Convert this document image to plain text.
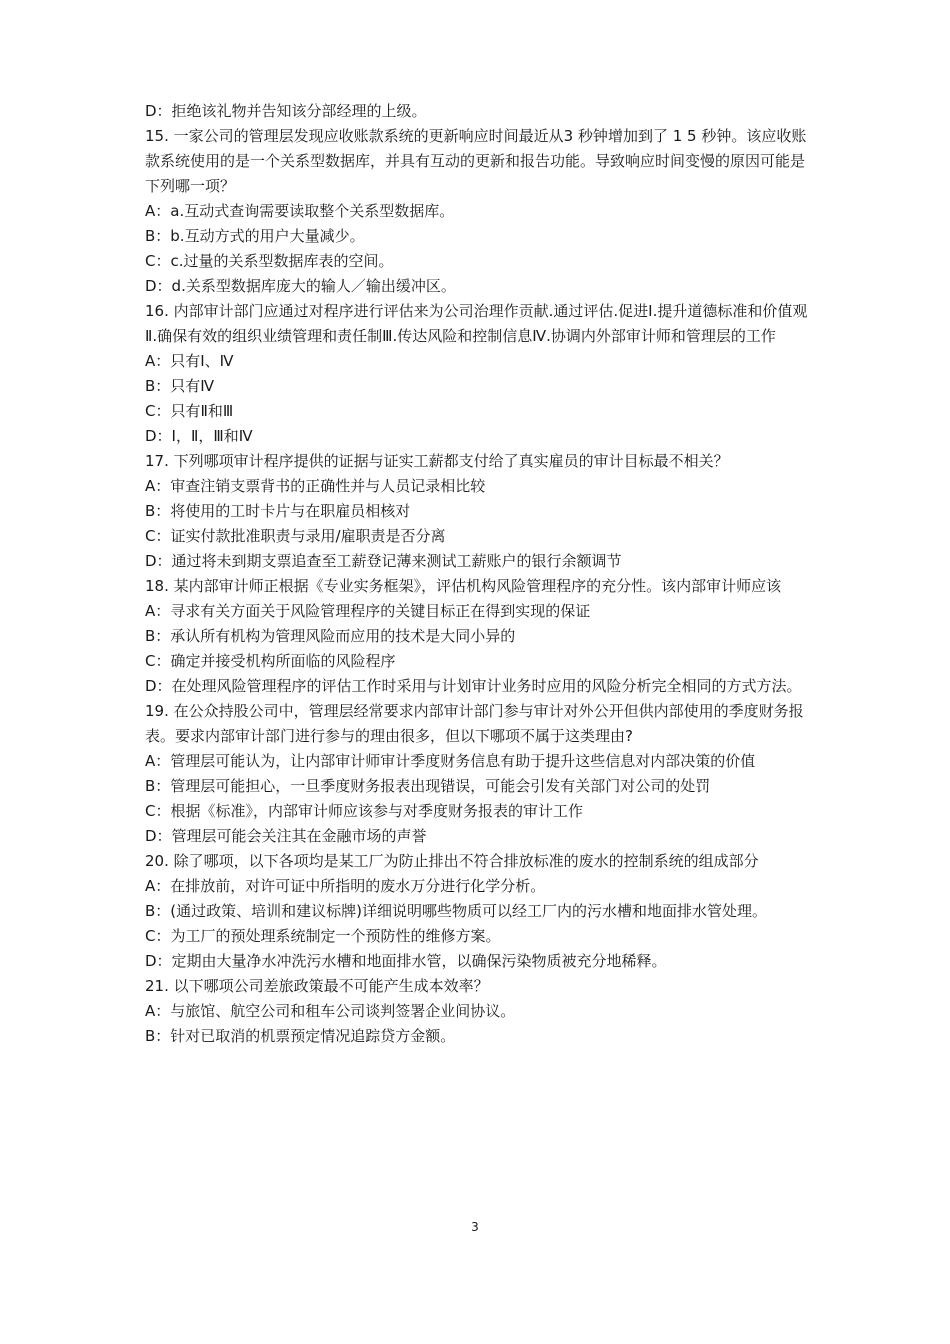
D：拒绝该礼物并告知该分部经理的上级。

15. 一家公司的管理层发现应收账款系统的更新响应时间最近从3 秒钟增加到了 1 5 秒钟。该应收账款系统使用的是一个关系型数据库，并具有互动的更新和报告功能。导致响应时间变慢的原因可能是下列哪一项？

A：a.互动式查询需要读取整个关系型数据库。

B：b.互动方式的用户大量减少。

C：c.过量的关系型数据库表的空间。

D：d.关系型数据库庞大的输人／输出缓冲区。

16. 内部审计部门应通过对程序进行评估来为公司治理作贡献.通过评估.促进Ⅰ.提升道德标准和价值观Ⅱ.确保有效的组织业绩管理和责任制Ⅲ.传达风险和控制信息Ⅳ.协调内外部审计师和管理层的工作

A：只有Ⅰ、Ⅳ

B：只有Ⅳ

C：只有Ⅱ和Ⅲ

D：Ⅰ，Ⅱ，Ⅲ和Ⅳ

17. 下列哪项审计程序提供的证据与证实工薪都支付给了真实雇员的审计目标最不相关？

A：审查注销支票背书的正确性并与人员记录相比较

B：将使用的工时卡片与在职雇员相核对

C：证实付款批准职责与录用/雇职责是否分离

D：通过将未到期支票追查至工薪登记薄来测试工薪账户的银行余额调节

18. 某内部审计师正根据《专业实务框架》，评估机构风险管理程序的充分性。该内部审计师应该

A：寻求有关方面关于风险管理程序的关键目标正在得到实现的保证

B：承认所有机构为管理风险而应用的技术是大同小异的

C：确定并接受机构所面临的风险程序

D：在处理风险管理程序的评估工作时采用与计划审计业务时应用的风险分析完全相同的方式方法。

19. 在公众持股公司中，管理层经常要求内部审计部门参与审计对外公开但供内部使用的季度财务报表。要求内部审计部门进行参与的理由很多，但以下哪项不属于这类理由?

A：管理层可能认为，让内部审计师审计季度财务信息有助于提升这些信息对内部决策的价值

B：管理层可能担心，一旦季度财务报表出现错误，可能会引发有关部门对公司的处罚

C：根据《标准》，内部审计师应该参与对季度财务报表的审计工作

D：管理层可能会关注其在金融市场的声誉

20. 除了哪项，以下各项均是某工厂为防止排出不符合排放标准的废水的控制系统的组成部分

A：在排放前，对许可证中所指明的废水万分进行化学分析。

B：(通过政策、培训和建议标牌)详细说明哪些物质可以经工厂内的污水槽和地面排水管处理。

C：为工厂的预处理系统制定一个预防性的维修方案。

D：定期由大量净水冲洗污水槽和地面排水管，以确保污染物质被充分地稀释。

21. 以下哪项公司差旅政策最不可能产生成本效率？

A：与旅馆、航空公司和租车公司谈判签署企业间协议。

B：针对已取消的机票预定情况追踪贷方金额。

3
